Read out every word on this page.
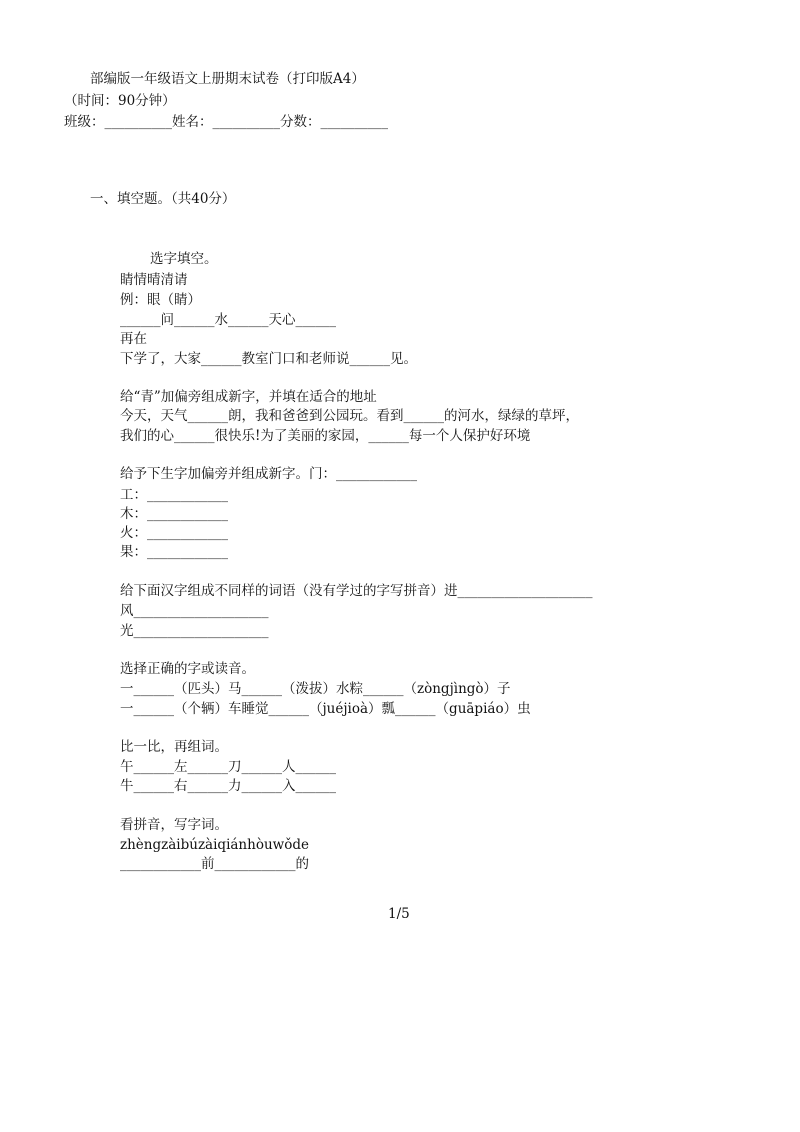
部编版一年级语文上册期末试卷（打印版A4）
（时间：90分钟）
班级：__________姓名：__________分数：__________
一、填空题。（共40分）
选字填空。
睛情晴清请
例：眼（睛）
______问______水______天心______
再在
下学了，大家______教室门口和老师说______见。
给“青”加偏旁组成新字，并填在适合的地址
今天，天气______朗，我和爸爸到公园玩。看到______的河水，绿绿的草坪，
我们的心______很快乐!为了美丽的家园，______每一个人保护好环境
给予下生字加偏旁并组成新字。门：____________
工：____________
木：____________
火：____________
果：____________
给下面汉字组成不同样的词语（没有学过的字写拼音）进____________________
风____________________
光____________________
选择正确的字或读音。
一______（匹头）马______（泼拔）水粽______（zòngjìngò）子
一______（个辆）车睡觉______（juéjioà）瓢______（guāpiáo）虫
比一比，再组词。
午______左______刀______人______
牛______右______力______入______
看拼音，写字词。
zhèngzàibúzàiqiánhòuwǒde
____________前____________的
1/5
